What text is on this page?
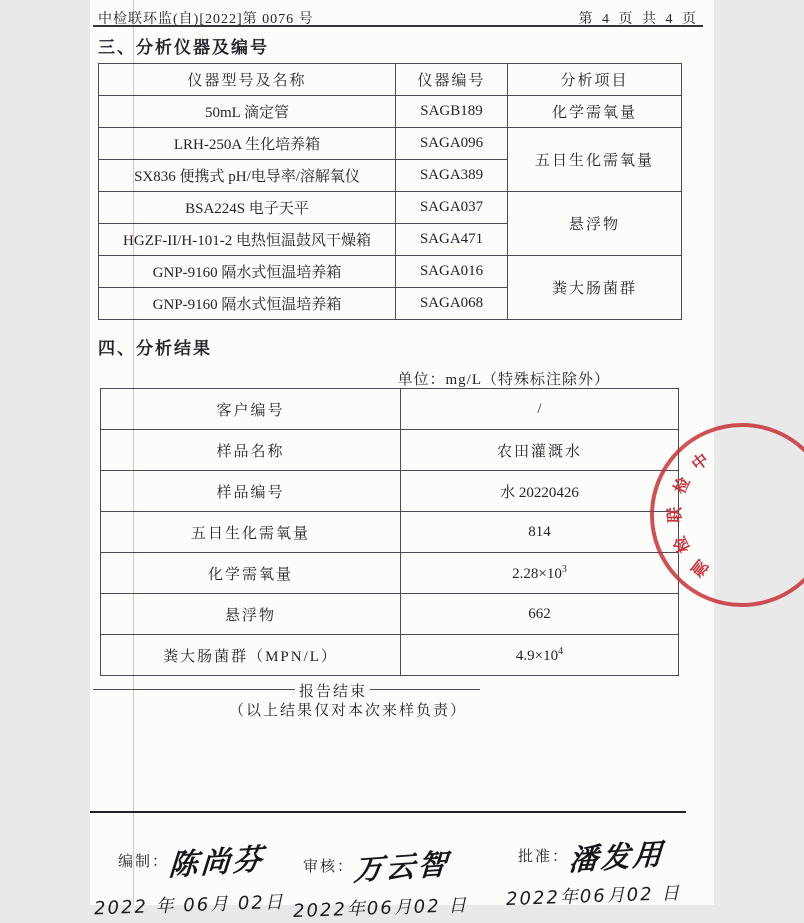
中检联环监(自)[2022]第 0076 号	第 4 页 共 4 页
三、分析仪器及编号
仪器型号及名称	仪器编号	分析项目
50mL 滴定管	SAGB189	化学需氧量
LRH-250A 生化培养箱	SAGA096	五日生化需氧量
SX836 便携式 pH/电导率/溶解氧仪	SAGA389	
BSA224S 电子天平	SAGA037	悬浮物
HGZF-II/H-101-2 电热恒温鼓风干燥箱	SAGA471	
GNP-9160 隔水式恒温培养箱	SAGA016	粪大肠菌群
GNP-9160 隔水式恒温培养箱	SAGA068	
四、分析结果
单位：mg/L（特殊标注除外）
客户编号	/
样品名称	农田灌溉水
样品编号	水 20220426
五日生化需氧量	814
化学需氧量	$2.28\times 10^3$
悬浮物	662
粪大肠菌群（MPN/L）	$4.9\times 10^4$
报告结束
（以上结果仅对本次来样负责）
编制：陈尚芬
2022 年 06月 02日
审核：万云智
2022年06月02 日
批准：潘发用
2022年06月02 日
中
检
联
检
测
